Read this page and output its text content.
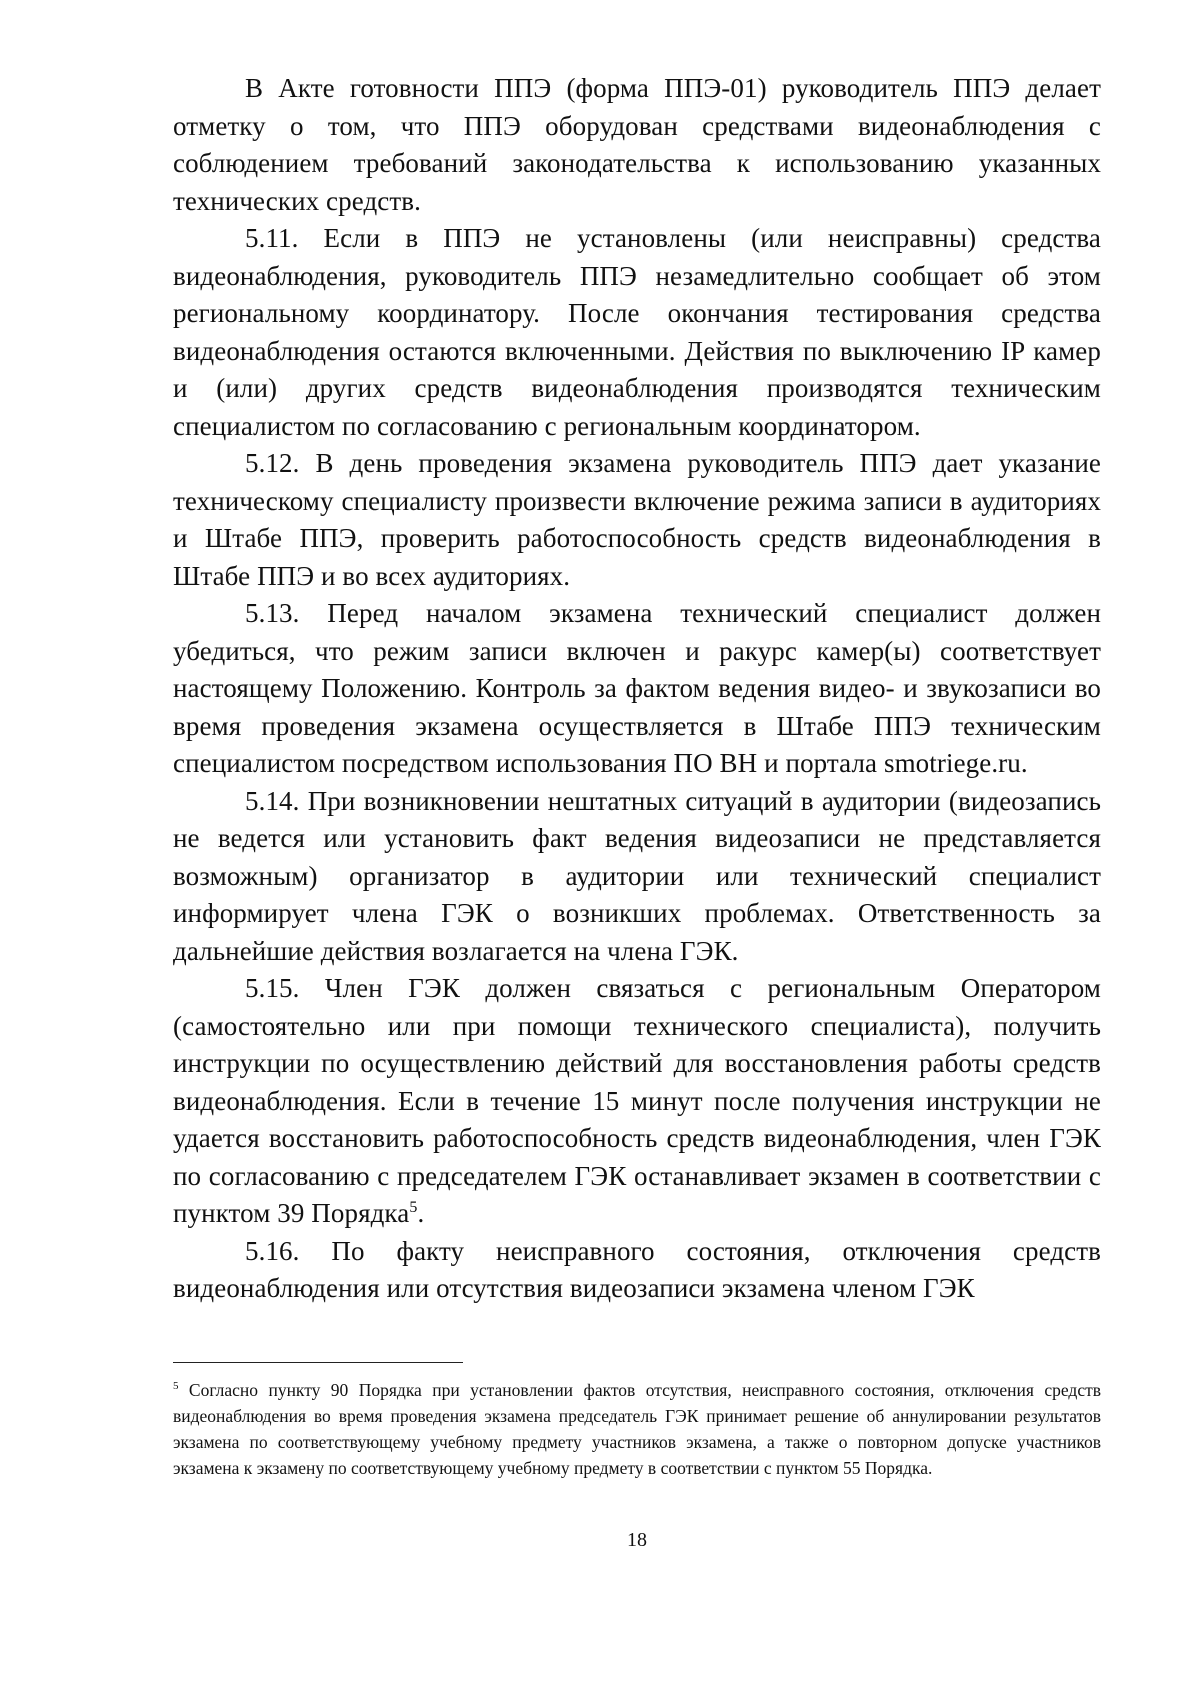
В Акте готовности ППЭ (форма ППЭ-01) руководитель ППЭ делает отметку о том, что ППЭ оборудован средствами видеонаблюдения с соблюдением требований законодательства к использованию указанных технических средств.

5.11. Если в ППЭ не установлены (или неисправны) средства видеонаблюдения, руководитель ППЭ незамедлительно сообщает об этом региональному координатору. После окончания тестирования средства видеонаблюдения остаются включенными. Действия по выключению IP камер и (или) других средств видеонаблюдения производятся техническим специалистом по согласованию с региональным координатором.

5.12. В день проведения экзамена руководитель ППЭ дает указание техническому специалисту произвести включение режима записи в аудиториях и Штабе ППЭ, проверить работоспособность средств видеонаблюдения в Штабе ППЭ и во всех аудиториях.

5.13. Перед началом экзамена технический специалист должен убедиться, что режим записи включен и ракурс камер(ы) соответствует настоящему Положению. Контроль за фактом ведения видео- и звукозаписи во время проведения экзамена осуществляется в Штабе ППЭ техническим специалистом посредством использования ПО ВН и портала smotriege.ru.

5.14. При возникновении нештатных ситуаций в аудитории (видеозапись не ведется или установить факт ведения видеозаписи не представляется возможным) организатор в аудитории или технический специалист информирует члена ГЭК о возникших проблемах. Ответственность за дальнейшие действия возлагается на члена ГЭК.

5.15. Член ГЭК должен связаться с региональным Оператором (самостоятельно или при помощи технического специалиста), получить инструкции по осуществлению действий для восстановления работы средств видеонаблюдения. Если в течение 15 минут после получения инструкции не удается восстановить работоспособность средств видеонаблюдения, член ГЭК по согласованию с председателем ГЭК останавливает экзамен в соответствии с пунктом 39 Порядка$^5$.

5.16. По факту неисправного состояния, отключения средств видеонаблюдения или отсутствия видеозаписи экзамена членом ГЭК

$^5$ Согласно пункту 90 Порядка при установлении фактов отсутствия, неисправного состояния, отключения средств видеонаблюдения во время проведения экзамена председатель ГЭК принимает решение об аннулировании результатов экзамена по соответствующему учебному предмету участников экзамена, а также о повторном допуске участников экзамена к экзамену по соответствующему учебному предмету в соответствии с пунктом 55 Порядка.

18
